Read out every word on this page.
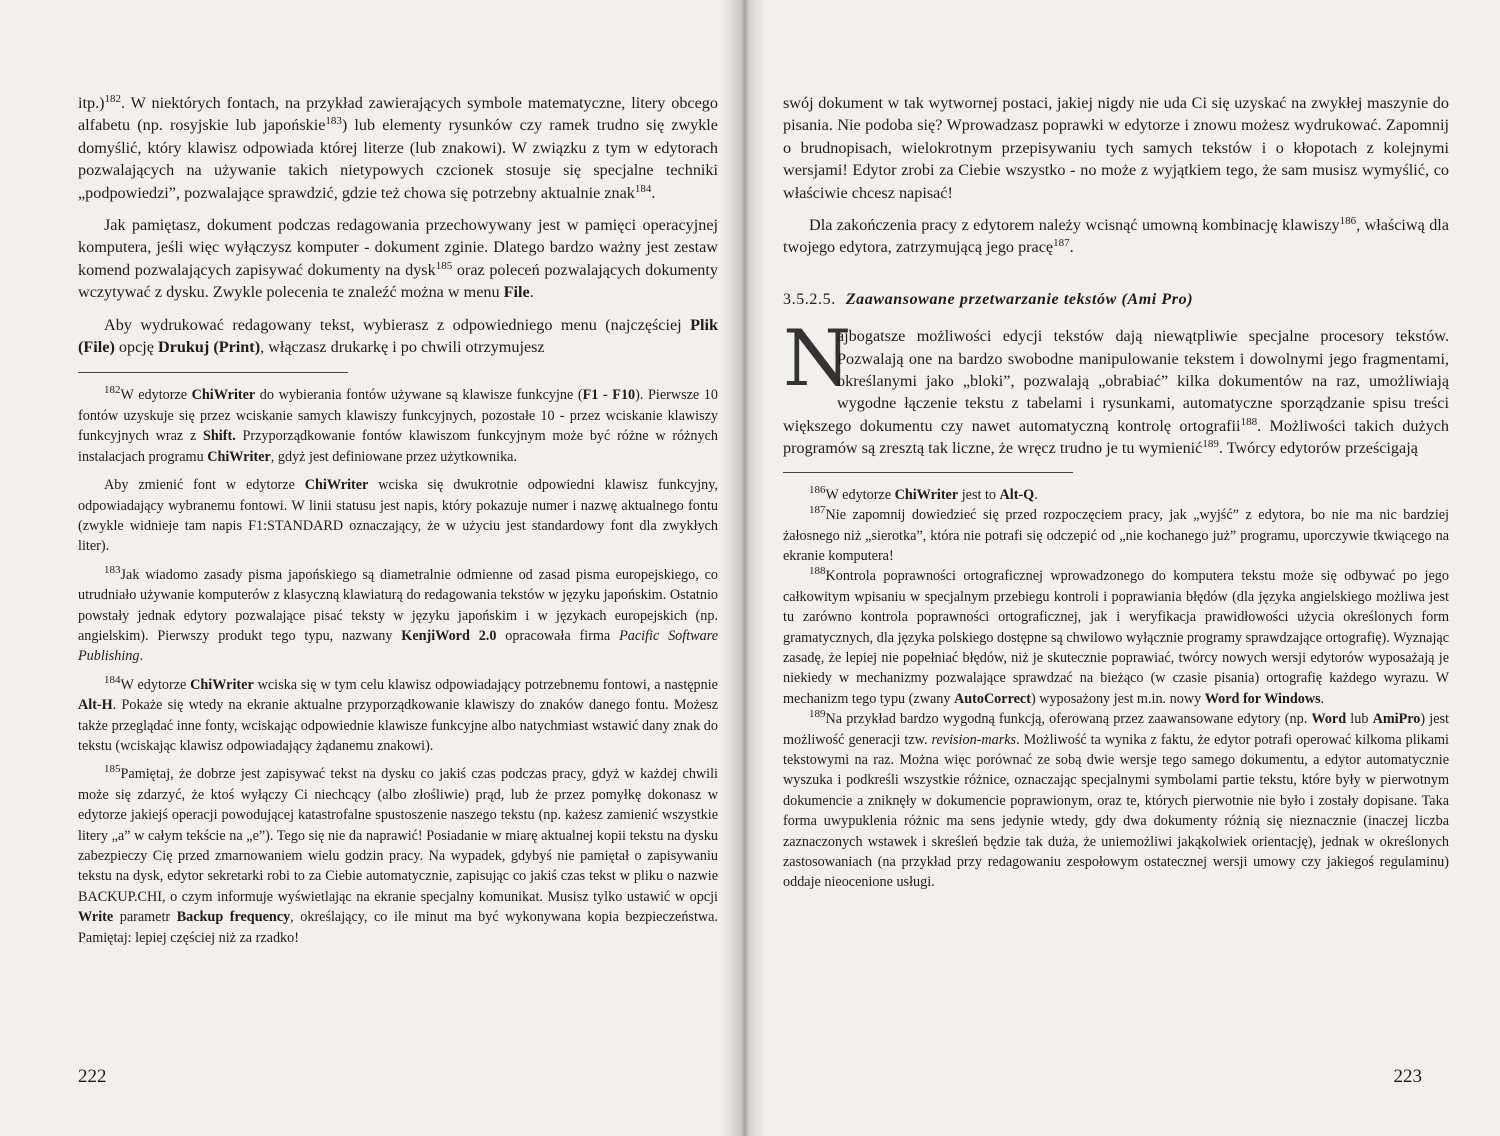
itp.)$^{182}$. W niektórych fontach, na przykład zawierających symbole matematyczne, litery obcego alfabetu (np. rosyjskie lub japońskie$^{183}$) lub elementy rysunków czy ramek trudno się zwykle domyślić, który klawisz odpowiada której literze (lub znakowi). W związku z tym w edytorach pozwalających na używanie takich nietypowych czcionek stosuje się specjalne techniki „podpowiedzi”, pozwalające sprawdzić, gdzie też chowa się potrzebny aktualnie znak$^{184}$.

Jak pamiętasz, dokument podczas redagowania przechowywany jest w pamięci operacyjnej komputera, jeśli więc wyłączysz komputer - dokument zginie. Dlatego bardzo ważny jest zestaw komend pozwalających zapisywać dokumenty na dysk$^{185}$ oraz poleceń pozwalających dokumenty wczytywać z dysku. Zwykle polecenia te znaleźć można w menu File.

Aby wydrukować redagowany tekst, wybierasz z odpowiedniego menu (najczęściej Plik (File) opcję Drukuj (Print), włączasz drukarkę i po chwili otrzymujesz

$^{182}$W edytorze ChiWriter do wybierania fontów używane są klawisze funkcyjne (F1 - F10). Pierwsze 10 fontów uzyskuje się przez wciskanie samych klawiszy funkcyjnych, pozostałe 10 - przez wciskanie klawiszy funkcyjnych wraz z Shift. Przyporządkowanie fontów klawiszom funkcyjnym może być różne w różnych instalacjach programu ChiWriter, gdyż jest definiowane przez użytkownika.

Aby zmienić font w edytorze ChiWriter wciska się dwukrotnie odpowiedni klawisz funkcyjny, odpowiadający wybranemu fontowi. W linii statusu jest napis, który pokazuje numer i nazwę aktualnego fontu (zwykle widnieje tam napis F1:STANDARD oznaczający, że w użyciu jest standardowy font dla zwykłych liter).

$^{183}$Jak wiadomo zasady pisma japońskiego są diametralnie odmienne od zasad pisma europejskiego, co utrudniało używanie komputerów z klasyczną klawiaturą do redagowania tekstów w języku japońskim. Ostatnio powstały jednak edytory pozwalające pisać teksty w języku japońskim i w językach europejskich (np. angielskim). Pierwszy produkt tego typu, nazwany KenjiWord 2.0 opracowała firma Pacific Software Publishing.

$^{184}$W edytorze ChiWriter wciska się w tym celu klawisz odpowiadający potrzebnemu fontowi, a następnie Alt-H. Pokaże się wtedy na ekranie aktualne przyporządkowanie klawiszy do znaków danego fontu. Możesz także przeglądać inne fonty, wciskając odpowiednie klawisze funkcyjne albo natychmiast wstawić dany znak do tekstu (wciskając klawisz odpowiadający żądanemu znakowi).

$^{185}$Pamiętaj, że dobrze jest zapisywać tekst na dysku co jakiś czas podczas pracy, gdyż w każdej chwili może się zdarzyć, że ktoś wyłączy Ci niechcący (albo złośliwie) prąd, lub że przez pomyłkę dokonasz w edytorze jakiejś operacji powodującej katastrofalne spustoszenie naszego tekstu (np. każesz zamienić wszystkie litery „a” w całym tekście na „e”). Tego się nie da naprawić! Posiadanie w miarę aktualnej kopii tekstu na dysku zabezpieczy Cię przed zmarnowaniem wielu godzin pracy. Na wypadek, gdybyś nie pamiętał o zapisywaniu tekstu na dysk, edytor sekretarki robi to za Ciebie automatycznie, zapisując co jakiś czas tekst w pliku o nazwie BACKUP.CHI, o czym informuje wyświetlając na ekranie specjalny komunikat. Musisz tylko ustawić w opcji Write parametr Backup frequency, określający, co ile minut ma być wykonywana kopia bezpieczeństwa. Pamiętaj: lepiej częściej niż za rzadko!

222

swój dokument w tak wytwornej postaci, jakiej nigdy nie uda Ci się uzyskać na zwykłej maszynie do pisania. Nie podoba się? Wprowadzasz poprawki w edytorze i znowu możesz wydrukować. Zapomnij o brudnopisach, wielokrotnym przepisywaniu tych samych tekstów i o kłopotach z kolejnymi wersjami! Edytor zrobi za Ciebie wszystko - no może z wyjątkiem tego, że sam musisz wymyślić, co właściwie chcesz napisać!

Dla zakończenia pracy z edytorem należy wcisnąć umowną kombinację klawiszy$^{186}$, właściwą dla twojego edytora, zatrzymującą jego pracę$^{187}$.

3.5.2.5. Zaawansowane przetwarzanie tekstów (Ami Pro)

N
ajbogatsze możliwości edycji tekstów dają niewątpliwie specjalne procesory tekstów. Pozwalają one na bardzo swobodne manipulowanie tekstem i dowolnymi jego fragmentami, określanymi jako „bloki”, pozwalają „obrabiać” kilka dokumentów na raz, umożliwiają wygodne łączenie tekstu z tabelami i rysunkami, automatyczne sporządzanie spisu treści większego dokumentu czy nawet automatyczną kontrolę ortografii$^{188}$. Możliwości takich dużych programów są zresztą tak liczne, że wręcz trudno je tu wymienić$^{189}$. Twórcy edytorów prześcigają

$^{186}$W edytorze ChiWriter jest to Alt-Q.

$^{187}$Nie zapomnij dowiedzieć się przed rozpoczęciem pracy, jak „wyjść” z edytora, bo nie ma nic bardziej żałosnego niż „sierotka”, która nie potrafi się odczepić od „nie kochanego już” programu, uporczywie tkwiącego na ekranie komputera!

$^{188}$Kontrola poprawności ortograficznej wprowadzonego do komputera tekstu może się odbywać po jego całkowitym wpisaniu w specjalnym przebiegu kontroli i poprawiania błędów (dla języka angielskiego możliwa jest tu zarówno kontrola poprawności ortograficznej, jak i weryfikacja prawidłowości użycia określonych form gramatycznych, dla języka polskiego dostępne są chwilowo wyłącznie programy sprawdzające ortografię). Wyznając zasadę, że lepiej nie popełniać błędów, niż je skutecznie poprawiać, twórcy nowych wersji edytorów wyposażają je niekiedy w mechanizmy pozwalające sprawdzać na bieżąco (w czasie pisania) ortografię każdego wyrazu. W mechanizm tego typu (zwany AutoCorrect) wyposażony jest m.in. nowy Word for Windows.

$^{189}$Na przykład bardzo wygodną funkcją, oferowaną przez zaawansowane edytory (np. Word lub AmiPro) jest możliwość generacji tzw. revision-marks. Możliwość ta wynika z faktu, że edytor potrafi operować kilkoma plikami tekstowymi na raz. Można więc porównać ze sobą dwie wersje tego samego dokumentu, a edytor automatycznie wyszuka i podkreśli wszystkie różnice, oznaczając specjalnymi symbolami partie tekstu, które były w pierwotnym dokumencie a zniknęły w dokumencie poprawionym, oraz te, których pierwotnie nie było i zostały dopisane. Taka forma uwypuklenia różnic ma sens jedynie wtedy, gdy dwa dokumenty różnią się nieznacznie (inaczej liczba zaznaczonych wstawek i skreśleń będzie tak duża, że uniemożliwi jakąkolwiek orientację), jednak w określonych zastosowaniach (na przykład przy redagowaniu zespołowym ostatecznej wersji umowy czy jakiegoś regulaminu) oddaje nieocenione usługi.

223
